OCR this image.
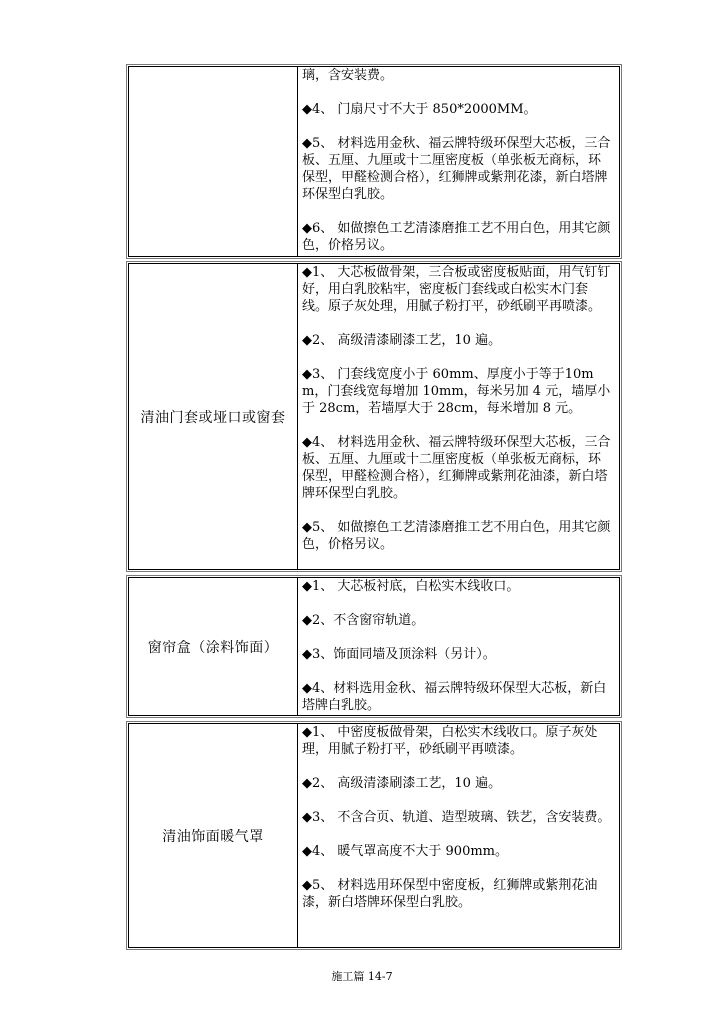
璃，含安装费。
◆4、 门扇尺寸不大于 850*2000MM。
◆5、 材料选用金秋、福云牌特级环保型大芯板，三合板、五厘、九厘或十二厘密度板（单张板无商标，环保型，甲醛检测合格），红狮牌或紫荆花漆，新白塔牌环保型白乳胶。
◆6、 如做擦色工艺清漆磨推工艺不用白色，用其它颜色，价格另议。
清油门套或垭口或窗套
◆1、 大芯板做骨架，三合板或密度板贴面，用气钉钉好，用白乳胶粘牢，密度板门套线或白松实木门套线。原子灰处理，用腻子粉打平，砂纸刷平再喷漆。
◆2、 高级清漆刷漆工艺，10 遍。
◆3、 门套线宽度小于 60mm、厚度小于等于10mm，门套线宽每增加 10mm，每米另加 4 元，墙厚小于 28cm，若墙厚大于 28cm，每米增加 8 元。
◆4、 材料选用金秋、福云牌特级环保型大芯板，三合板、五厘、九厘或十二厘密度板（单张板无商标，环保型，甲醛检测合格），红狮牌或紫荆花油漆，新白塔牌环保型白乳胶。
◆5、 如做擦色工艺清漆磨推工艺不用白色，用其它颜色，价格另议。
窗帘盒（涂料饰面）
◆1、 大芯板衬底，白松实木线收口。
◆2、不含窗帘轨道。
◆3、饰面同墙及顶涂料（另计）。
◆4、材料选用金秋、福云牌特级环保型大芯板，新白塔牌白乳胶。
清油饰面暖气罩
◆1、 中密度板做骨架，白松实木线收口。原子灰处理，用腻子粉打平，砂纸刷平再喷漆。
◆2、 高级清漆刷漆工艺，10 遍。
◆3、 不含合页、轨道、造型玻璃、铁艺，含安装费。
◆4、 暖气罩高度不大于 900mm。
◆5、 材料选用环保型中密度板，红狮牌或紫荆花油漆，新白塔牌环保型白乳胶。
施工篇 14-7
